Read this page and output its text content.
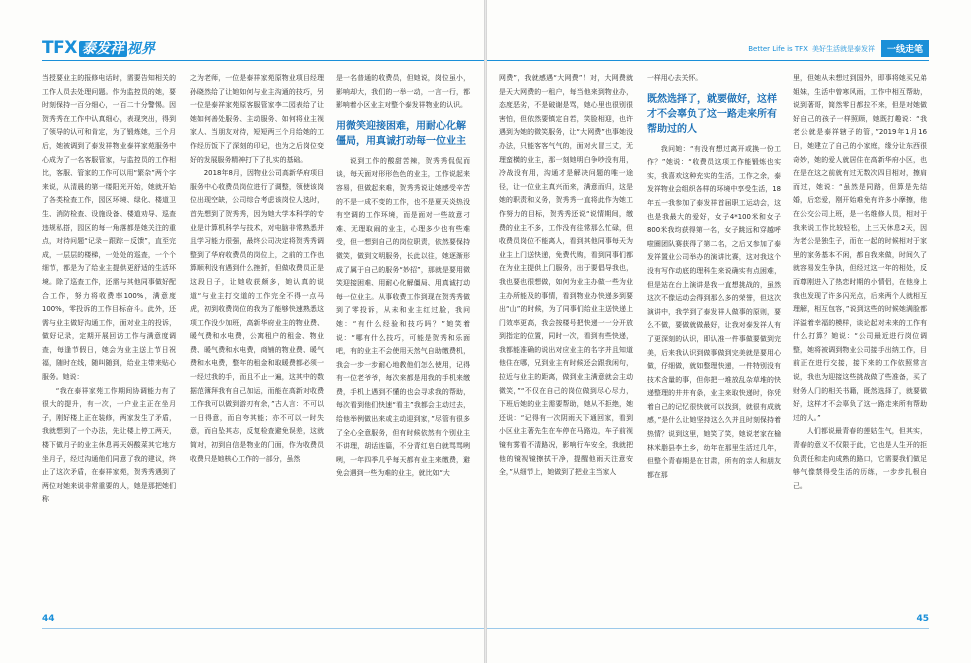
TFX 泰发祥 视界

当授要业主的报修电话时，需要告知相关的工作人员去处理问题。作为监控员的她，要时刻保持一百分细心，一百二十分警惕。因贺秀秀在工作中认真细心，表现突出，得到了领导的认可和肯定，为了锻炼她，三个月后，她被调到了泰发祥物业泰祥家苑服务中心成为了一名客服管家，与监控员的工作相比，客服、管家的工作可以用“繁杂”两个字来说，从清晨的第一缕阳光开始，她就开始了各类检查工作，园区环境、绿化、楼道卫生、消防检查、设施设备、楼道劝导、巡查违规私搭，园区的每一角落都是她关注的重点，对待问题“记录－跟踪－反馈”，直至完成，一层层的楼梯，一处处的巡查，一个个细节，都是为了给业主提供更舒适的生活环境。除了巡查工作，还需与其他同事做好配合工作，努力将收费率100%，满意度100%，零投诉的工作目标奋斗。此外，还需与业主做好沟通工作，面对业主的投诉，做好记录，定期开展回访工作与满意度调查，每逢节假日，她会为业主送上节日祝福，随时在线，随叫随到，给业主带来贴心服务。她说：

“我在泰祥家苑工作期间协调能力有了很大的提升，有一次，一户业主正在坐月子，刚好楼上正在装修，两家发生了矛盾，我就想到了一个办法，先让楼上停工两天，楼下做月子的业主休息再天妈酸菜其它地方坐月子，经过沟通他们同意了我的建议，终止了这次矛盾，在泰祥家苑，贺秀秀遇到了两位对她来说非常重要的人，她是那把她们称

之为老师，一位是泰祥家苑原物业项目经理孙晓然给了让她如何与业主沟通的技巧，另一位是泰祥家苑原客服管家李二园表给了让她如何善处服务、主动服务、如何将业主视家人、当朋友对待，短短两三个月给她的工作经历饭下了深刻的印记，也为之后岗位变好的发展服务精神打下了扎实的基础。

2018年8月，因物业公司高新华府项目服务中心收费员岗位进行了调整，领使该岗位出现空缺，公司综合考虑该岗位人选时，首先想到了贺秀秀，因为她大学本科学的专业是计算机科学与技术，对电脑非常熟悉并且学习能力很强，最终公司决定将贺秀秀调整到了华府收费员的岗位上，之前的工作也算顺利没有遇到什么挫折，但做收费员正是这段日子，让她收获颇多，她认真的说道“与业主打交道的工作完全不得一点马虎，初到收费岗位的我为了能够快速熟悉这项工作没少加班，高新华府业主的物业费、暖气费和水电费，公寓租户的租金、物业费、暖气费和水电费，商铺的物业费、暖气费和水电费，整年的租金和取暖费都必须一一经过我的手，而且不止一遍，这其中的数据范簿拜我有自己加运，而能在高新对收费工作我可以做到游刃有余，”古人言：不可以一日得意，而自夸其能；亦不可以一时失意，而自坠其志，反复检查避免误差，这就简对，初到自信是物业的门面，作为收费员收费只是她核心工作的一部分，虽然

是一名普通的收费员，但她说，岗位虽小，影响却大，我们的一举一动，一言一行，都影响着小区业主对整个泰发祥物业的认识。

用微笑迎接困难，用耐心化解僵局，用真诚打动每一位业主

说到工作的酸甜苦辣，贺秀秀侃侃而谈，每天面对形形色色的业主，工作说起来容易，但做起来难，贺秀秀说让她感受辛苦的不是一成不变的工作，也不是夏天炎热没有空调的工作环境，而是面对一些故意刁难、无理取闹的业主，心理多少也有些难受，但一想到自己的岗位职责，依然要保持微笑，做到文明服务，长此以往，她逐渐形成了属于自己的服务“妙招”，那就是要用微笑迎接困难、用耐心化解僵局、用真诚打动每一位业主。从事收费工作到现在贺秀秀做到了零投诉，从未和业主红过脸，我问她：“有什么经验和技巧吗？”她笑着说：“哪有什么技巧，可能是贺秀和乐面吧，有的业主不会使用天然气自助缴费机，我会一步一步耐心地教他们怎么使用，记得有一位老爷爷，每次来都是用我的手机来缴费，手机上遇到不懂的也会寻求我的帮助，每次看到他们快速“看主”我都会主动过去，给他举例做出来或主动迎到家，”尽管有很多了全心全意服务，但有时候依然有个别业主不讲理，胡话连篇，不分青红皂白就骂骂咧咧，一年四季几乎每天都有业主来缴费，避免会遇到一些为难的业主，就比如“大

44
Better Life is TFX 美好生活就是泰发祥	一线走笔

网费”，我就感遇“大网费”！对，大网费就是天大网费的一租户，每当他来到物业办，态度恶劣，不是破谢是骂，她心里也很别很害怕，但依然要镇定自若，笑脸相迎，也许遇到为她的微笑服务，让“大网费”也事她没办法，只能客客气气的，面对火冒三丈，无理蛮横的业主，那一刻她明白争吵没有用，冷战没有用，沟通才是解决问题的唯一途径，让一位业主真兴而来，满意而归，这是她的职责和义务，贺秀秀一直将此作为她工作努力的目标，贺秀秀还说“说情期间，缴费的业主不多，工作没有往常那么忙碌，但收费员岗位不能离人，看到其他同事每天为业主上门送快递，免费代购，看到同事们都在为业主提供上门服务，出于要倡导我也，我也要也很想做，如何为业主办做一些为业主办所能及的事情，看到物业办快递多到要出“山”的时候，为了同事们给业主送快递上门效率更高，我会按楼号把快递一一分开放到指定的位置，同时一次，看到有些快递，我都能准确的说出对应业主的名字并且知道他住在哪，兄到业主有时候还会跟我闲句，拉近与业主的距离，做到业主满意就会主动微笑，”“不仅在自己的岗位做到尽心尽力，下班后她的业主需要帮助，她从不拒绝，她还说：“记得有一次阴雨天下通回家，看到小区业主著先生在车停在马路边，车子前视镜有雾看不清路况，影响行车安全，我就把他的镜视镜擦拭干净，提醒他雨天注意安全，”从细节上，她做到了把业主当家人

一样用心去关怀。

既然选择了，就要做好，这样才不会辜负了这一路走来所有帮助过的人

我问她：“有没有想过离开或换一份工作？”她说：“收费员这项工作能锻炼也实实，我喜欢这种充实的生活，工作之余，泰发祥物业会组织各样的环境中享受生活，18年五一我参加了泰发祥首届职工运动会，这也是我最大的爱好，女子4*100米和女子800米我均获得第一名，女子跳远和穿越呼啦圈团队赛获得了第二名，之后又参加了泰发祥置业公司举办的演讲比赛，这对我这个没有写作动底的理科生来说确实有点困难，但是站在台上演讲是我一直想挑战的，虽然这次不像运动会得到那么多的荣誉，但这次演讲中，我学到了泰发祥人做事的原则，要么不做，要做就做最好，让我对泰发祥人有了更深刻的认识，即认准一件事做要做到完美，后来我认识到做事做到完美就是要用心做，仔细做，就如整理快递，一件特别没有技术含量的事，但你把一堆放乱杂草堆的快递整理的井井有条，业主来取快递时，你凭着自己的记忆很快就可以找到，就很有成就感，”是什么让她坚持这么久并且时刻保持着热情？说到这里，她笑了笑，她说老家在榆林米脂县李土乡，幼年在那里生活过几年，但整个青春期是在甘肃，所有的亲人和朋友都在那

里，但她从未想过到国外，即事将她买兄弟姐妹，生活中曾寒风雨，工作中相互帮助，说到著哥，简然零日都拉不来，但是对她做好自己的孩子一样照顾，她既打趣说：“我老公就是泰祥辖子的管，”2019年1月16日，她建立了自己的小家庭，缘分让东西很奇妙，她的爱人就居住在高新华府小区，也在是在这之前就有过无数次四目相对，擦肩而过，她说：“虽然是同路，但算是先结婚，后恋爱，刚开始难免有许多小摩擦，他在公交公司上班，是一名维修人员，相对于我来说工作比较轻松，上三天休息2天，因为老公是独生子，而在一起的时候相对于家里的家务基本不闲，都自我来做，时间久了就容易发生争执，但经过这一年的相处，反而尊刚进入了热恋时期的小情侣，在他身上我也发现了许多闪光点，后来两个人就相互理解，相互包容，”说到这些的时候她满脸都洋溢着幸福的模样，谈论起对未来的工作有什么打算？她说：“公司最近进行岗位调整，她将被调到物业公司接手出纳工作，目前正在进行交接，接下来的工作依照常言说，我也为迎接这些挑战做了些准备，买了财务人门的相关书籍，既然选择了，就要做好，这样才不会辜负了这一路走来所有帮助过的人。”

人们都说最青春的莲姑生气，但其实，青春的意义不仅限于此，它也是人生开的拒负责任和走向成熟的路口，它需要我们做足够气像禁得受生活的历练，一步步扎根自己。

45
